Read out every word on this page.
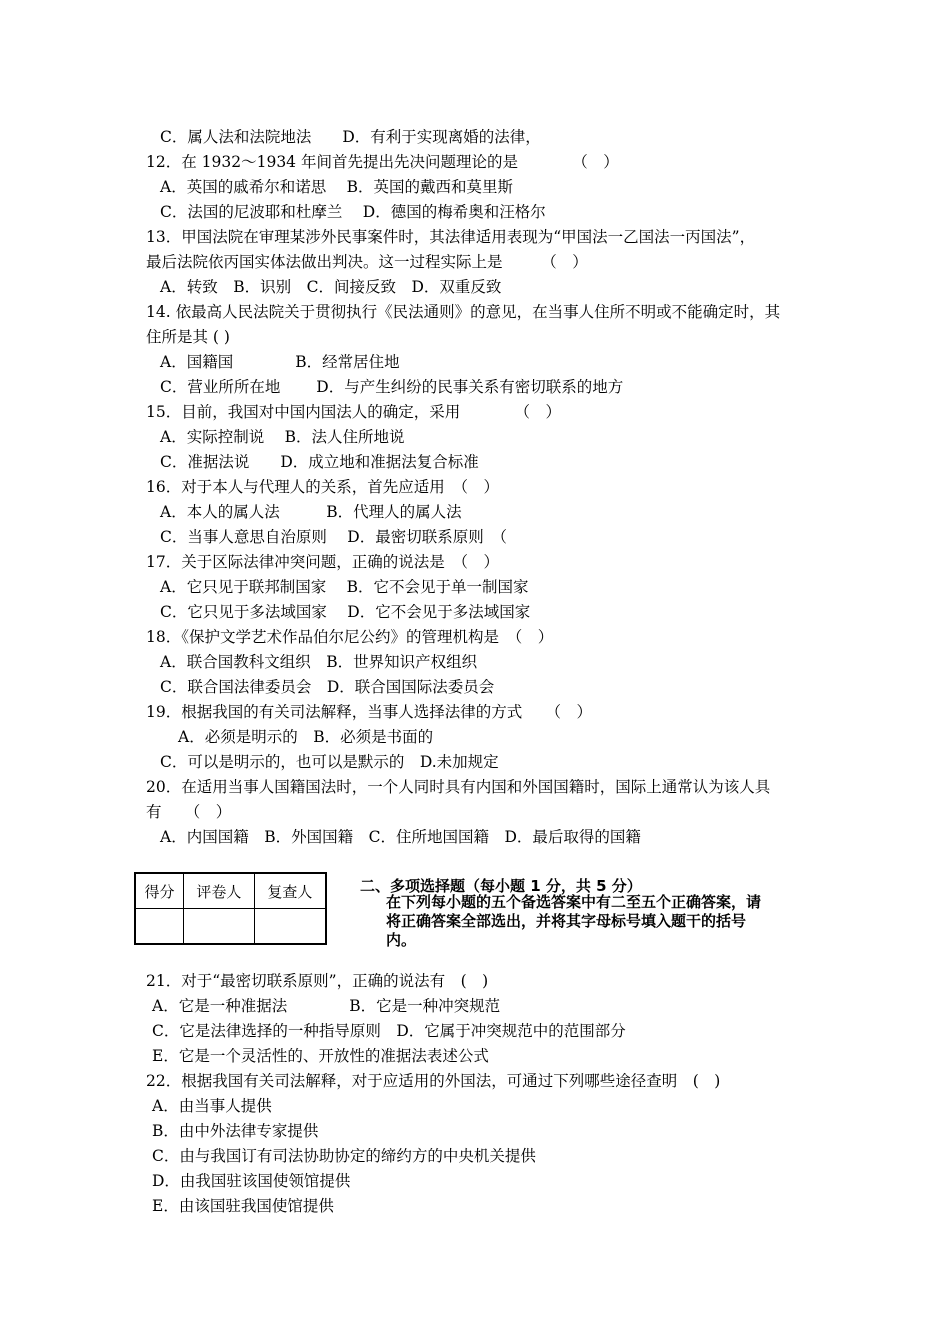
C．属人法和法院地法　　D．有利于实现离婚的法律，
12．在 1932～1934 年间首先提出先决问题理论的是　　　　（　）
A．英国的戚希尔和诺思　 B．英国的戴西和莫里斯
C．法国的尼波耶和杜摩兰　 D．德国的梅希奥和汪格尔
13．甲国法院在审理某涉外民事案件时，其法律适用表现为“甲国法一乙国法一丙国法”，
最后法院依丙国实体法做出判决。这一过程实际上是　　　（　）
A．转致　B．识别　C．间接反致　D．双重反致
14. 依最高人民法院关于贯彻执行《民法通则》的意见，在当事人住所不明或不能确定时，其
住所是其 ( )
A．国籍国　　　　B．经常居住地
C．营业所所在地　　 D．与产生纠纷的民事关系有密切联系的地方
15．目前，我国对中国内国法人的确定，采用　　　　（　）
A．实际控制说　 B．法人住所地说
C．准据法说　　D．成立地和准据法复合标准
16．对于本人与代理人的关系，首先应适用　（　）
A．本人的属人法　　　B．代理人的属人法
C．当事人意思自治原则　 D．最密切联系原则　（
17．关于区际法律冲突问题，正确的说法是　（　）
A．它只见于联邦制国家　 B．它不会见于单一制国家
C．它只见于多法域国家　 D．它不会见于多法域国家
18．《保护文学艺术作品伯尔尼公约》的管理机构是　（　）
A．联合国教科文组织　B．世界知识产权组织
C．联合国法律委员会　D．联合国国际法委员会
19．根据我国的有关司法解释，当事人选择法律的方式　　（　）
A．必须是明示的　B．必须是书面的
C．可以是明示的，也可以是默示的　D.未加规定
20．在适用当事人国籍国法时，一个人同时具有内国和外国国籍时，国际上通常认为该人具
有　　（　）
A．内国国籍　B．外国国籍　C．住所地国国籍　D．最后取得的国籍
21．对于“最密切联系原则”，正确的说法有　(　)
A．它是一种准据法　　　　B．它是一种冲突规范
C．它是法律选择的一种指导原则　D．它属于冲突规范中的范围部分
E．它是一个灵活性的、开放性的准据法表述公式
22．根据我国有关司法解释，对于应适用的外国法，可通过下列哪些途径查明　(　)
A．由当事人提供
B．由中外法律专家提供
C．由与我国订有司法协助协定的缔约方的中央机关提供
D．由我国驻该国使领馆提供
E．由该国驻我国使馆提供
得分	评卷人	复查人
			二、多项选择题（每小题 1 分，共 5 分）
在下列每小题的五个备选答案中有二至五个正确答案，请将正确答案全部选出，并将其字母标号填入题干的括号内。
